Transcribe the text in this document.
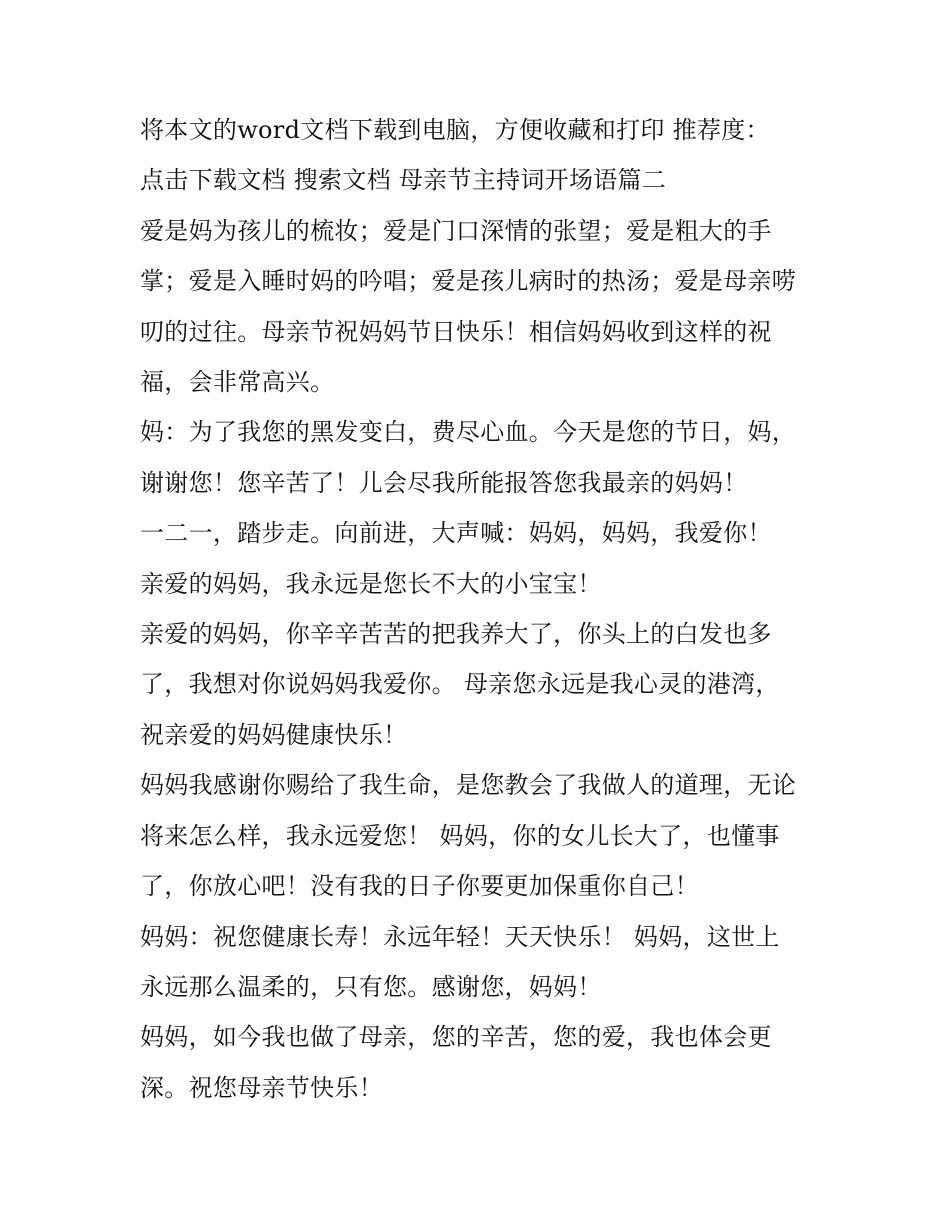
将本文的word文档下载到电脑，方便收藏和打印 推荐度：

点击下载文档 搜索文档 母亲节主持词开场语篇二

爱是妈为孩儿的梳妆；爱是门口深情的张望；爱是粗大的手
掌；爱是入睡时妈的吟唱；爱是孩儿病时的热汤；爱是母亲唠
叨的过往。母亲节祝妈妈节日快乐！相信妈妈收到这样的祝
福，会非常高兴。

妈：为了我您的黑发变白，费尽心血。今天是您的节日，妈，
谢谢您！您辛苦了！儿会尽我所能报答您我最亲的妈妈！

一二一，踏步走。向前进，大声喊：妈妈，妈妈，我爱你！

亲爱的妈妈，我永远是您长不大的小宝宝！

亲爱的妈妈，你辛辛苦苦的把我养大了，你头上的白发也多
了，我想对你说妈妈我爱你。 母亲您永远是我心灵的港湾，
祝亲爱的妈妈健康快乐！

妈妈我感谢你赐给了我生命，是您教会了我做人的道理，无论
将来怎么样，我永远爱您！ 妈妈，你的女儿长大了，也懂事
了，你放心吧！没有我的日子你要更加保重你自己！

妈妈：祝您健康长寿！永远年轻！天天快乐！ 妈妈，这世上
永远那么温柔的，只有您。感谢您，妈妈！

妈妈，如今我也做了母亲，您的辛苦，您的爱，我也体会更
深。祝您母亲节快乐！
